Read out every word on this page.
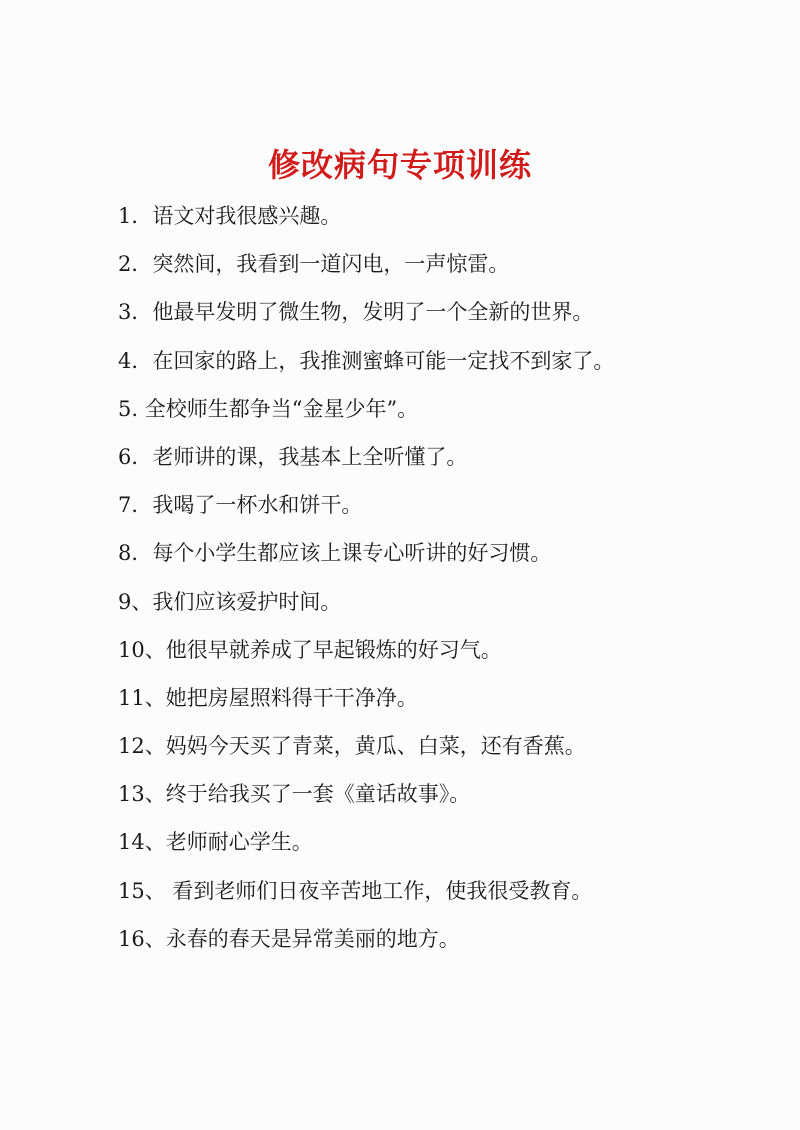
修改病句专项训练
1．语文对我很感兴趣。
2．突然间，我看到一道闪电，一声惊雷。
3．他最早发明了微生物，发明了一个全新的世界。
4．在回家的路上，我推测蜜蜂可能一定找不到家了。
5. 全校师生都争当“金星少年”。
6．老师讲的课，我基本上全听懂了。
7．我喝了一杯水和饼干。
8．每个小学生都应该上课专心听讲的好习惯。
9、我们应该爱护时间。
10、他很早就养成了早起锻炼的好习气。
11、她把房屋照料得干干净净。
12、妈妈今天买了青菜，黄瓜、白菜，还有香蕉。
13、终于给我买了一套《童话故事》。
14、老师耐心学生。
15、 看到老师们日夜辛苦地工作，使我很受教育。
16、永春的春天是异常美丽的地方。
